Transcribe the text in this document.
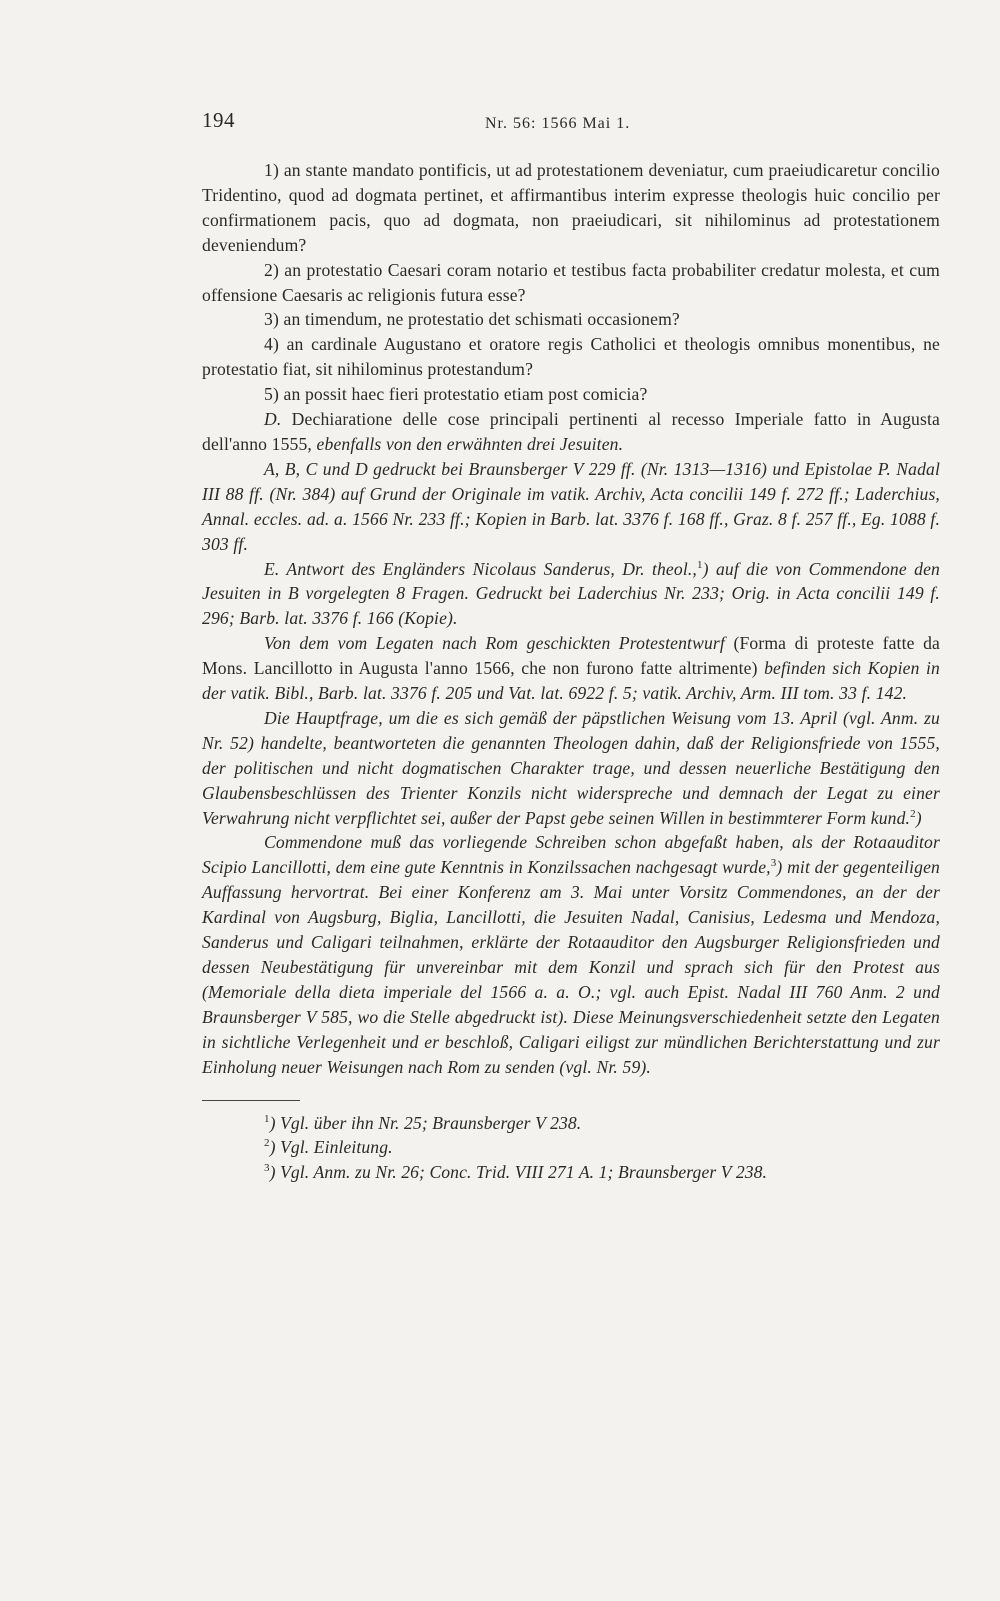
194	Nr. 56: 1566 Mai 1.

1) an stante mandato pontificis, ut ad protestationem deveniatur, cum praeiudicaretur concilio Tridentino, quod ad dogmata pertinet, et affirmantibus interim expresse theologis huic concilio per confirmationem pacis, quo ad dogmata, non praeiudicari, sit nihilominus ad protestationem deveniendum?

2) an protestatio Caesari coram notario et testibus facta probabiliter credatur molesta, et cum offensione Caesaris ac religionis futura esse?

3) an timendum, ne protestatio det schismati occasionem?

4) an cardinale Augustano et oratore regis Catholici et theologis omnibus monentibus, ne protestatio fiat, sit nihilominus protestandum?

5) an possit haec fieri protestatio etiam post comicia?

D. Dechiaratione delle cose principali pertinenti al recesso Imperiale fatto in Augusta dell'anno 1555, ebenfalls von den erwähnten drei Jesuiten.

A, B, C und D gedruckt bei Braunsberger V 229 ff. (Nr. 1313—1316) und Epistolae P. Nadal III 88 ff. (Nr. 384) auf Grund der Originale im vatik. Archiv, Acta concilii 149 f. 272 ff.; Laderchius, Annal. eccles. ad. a. 1566 Nr. 233 ff.; Kopien in Barb. lat. 3376 f. 168 ff., Graz. 8 f. 257 ff., Eg. 1088 f. 303 ff.

E. Antwort des Engländers Nicolaus Sanderus, Dr. theol.,$^1$) auf die von Commendone den Jesuiten in B vorgelegten 8 Fragen. Gedruckt bei Laderchius Nr. 233; Orig. in Acta concilii 149 f. 296; Barb. lat. 3376 f. 166 (Kopie).

Von dem vom Legaten nach Rom geschickten Protestentwurf (Forma di proteste fatte da Mons. Lancillotto in Augusta l'anno 1566, che non furono fatte altrimente) befinden sich Kopien in der vatik. Bibl., Barb. lat. 3376 f. 205 und Vat. lat. 6922 f. 5; vatik. Archiv, Arm. III tom. 33 f. 142.

Die Hauptfrage, um die es sich gemäß der päpstlichen Weisung vom 13. April (vgl. Anm. zu Nr. 52) handelte, beantworteten die genannten Theologen dahin, daß der Religionsfriede von 1555, der politischen und nicht dogmatischen Charakter trage, und dessen neuerliche Bestätigung den Glaubensbeschlüssen des Trienter Konzils nicht widerspreche und demnach der Legat zu einer Verwahrung nicht verpflichtet sei, außer der Papst gebe seinen Willen in bestimmterer Form kund.$^2$)

Commendone muß das vorliegende Schreiben schon abgefaßt haben, als der Rotaauditor Scipio Lancillotti, dem eine gute Kenntnis in Konzilssachen nachgesagt wurde,$^3$) mit der gegenteiligen Auffassung hervortrat. Bei einer Konferenz am 3. Mai unter Vorsitz Commendones, an der der Kardinal von Augsburg, Biglia, Lancillotti, die Jesuiten Nadal, Canisius, Ledesma und Mendoza, Sanderus und Caligari teilnahmen, erklärte der Rotaauditor den Augsburger Religionsfrieden und dessen Neubestätigung für unvereinbar mit dem Konzil und sprach sich für den Protest aus (Memoriale della dieta imperiale del 1566 a. a. O.; vgl. auch Epist. Nadal III 760 Anm. 2 und Braunsberger V 585, wo die Stelle abgedruckt ist). Diese Meinungsverschiedenheit setzte den Legaten in sichtliche Verlegenheit und er beschloß, Caligari eiligst zur mündlichen Berichterstattung und zur Einholung neuer Weisungen nach Rom zu senden (vgl. Nr. 59).

$^1$) Vgl. über ihn Nr. 25; Braunsberger V 238.
$^2$) Vgl. Einleitung.
$^3$) Vgl. Anm. zu Nr. 26; Conc. Trid. VIII 271 A. 1; Braunsberger V 238.
